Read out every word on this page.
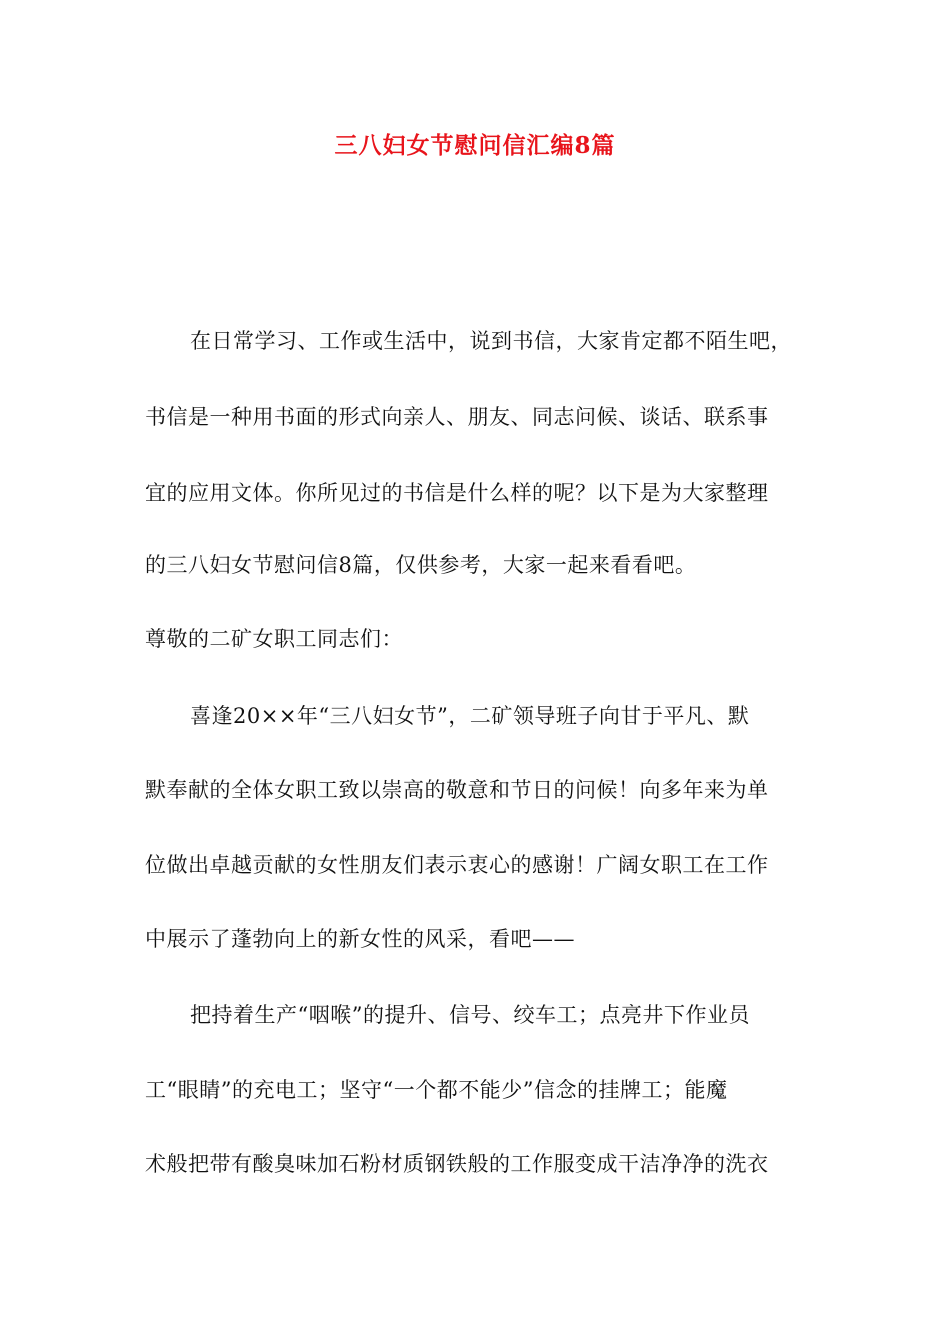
三八妇女节慰问信汇编8篇
在日常学习、工作或生活中，说到书信，大家肯定都不陌生吧，
书信是一种用书面的形式向亲人、朋友、同志问候、谈话、联系事
宜的应用文体。你所见过的书信是什么样的呢？以下是为大家整理
的三八妇女节慰问信8篇，仅供参考，大家一起来看看吧。
尊敬的二矿女职工同志们：
喜逢20××年“三八妇女节”，二矿领导班子向甘于平凡、默
默奉献的全体女职工致以崇高的敬意和节日的问候！向多年来为单
位做出卓越贡献的女性朋友们表示衷心的感谢！广阔女职工在工作
中展示了蓬勃向上的新女性的风采，看吧——
把持着生产“咽喉”的提升、信号、绞车工；点亮井下作业员
工“眼睛”的充电工；坚守“一个都不能少”信念的挂牌工；能魔
术般把带有酸臭味加石粉材质钢铁般的工作服变成干洁净净的洗衣
